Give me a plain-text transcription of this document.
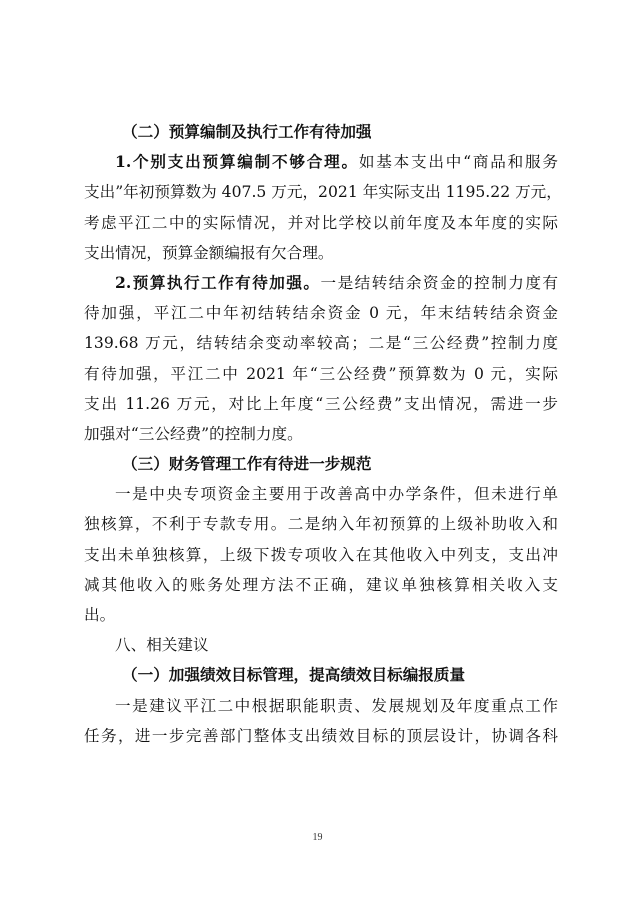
（二）预算编制及执行工作有待加强
1.个别支出预算编制不够合理。如基本支出中“商品和服务
支出”年初预算数为 407.5 万元，2021 年实际支出 1195.22 万元，
考虑平江二中的实际情况，并对比学校以前年度及本年度的实际
支出情况，预算金额编报有欠合理。
2.预算执行工作有待加强。一是结转结余资金的控制力度有
待加强，平江二中年初结转结余资金 0 元，年末结转结余资金
139.68 万元，结转结余变动率较高；二是“三公经费”控制力度
有待加强，平江二中 2021 年“三公经费”预算数为 0 元，实际
支出 11.26 万元，对比上年度“三公经费”支出情况，需进一步
加强对“三公经费”的控制力度。
（三）财务管理工作有待进一步规范
一是中央专项资金主要用于改善高中办学条件，但未进行单
独核算，不利于专款专用。二是纳入年初预算的上级补助收入和
支出未单独核算，上级下拨专项收入在其他收入中列支，支出冲
减其他收入的账务处理方法不正确，建议单独核算相关收入支
出。
八、相关建议
（一）加强绩效目标管理，提高绩效目标编报质量
一是建议平江二中根据职能职责、发展规划及年度重点工作
任务，进一步完善部门整体支出绩效目标的顶层设计，协调各科
19
